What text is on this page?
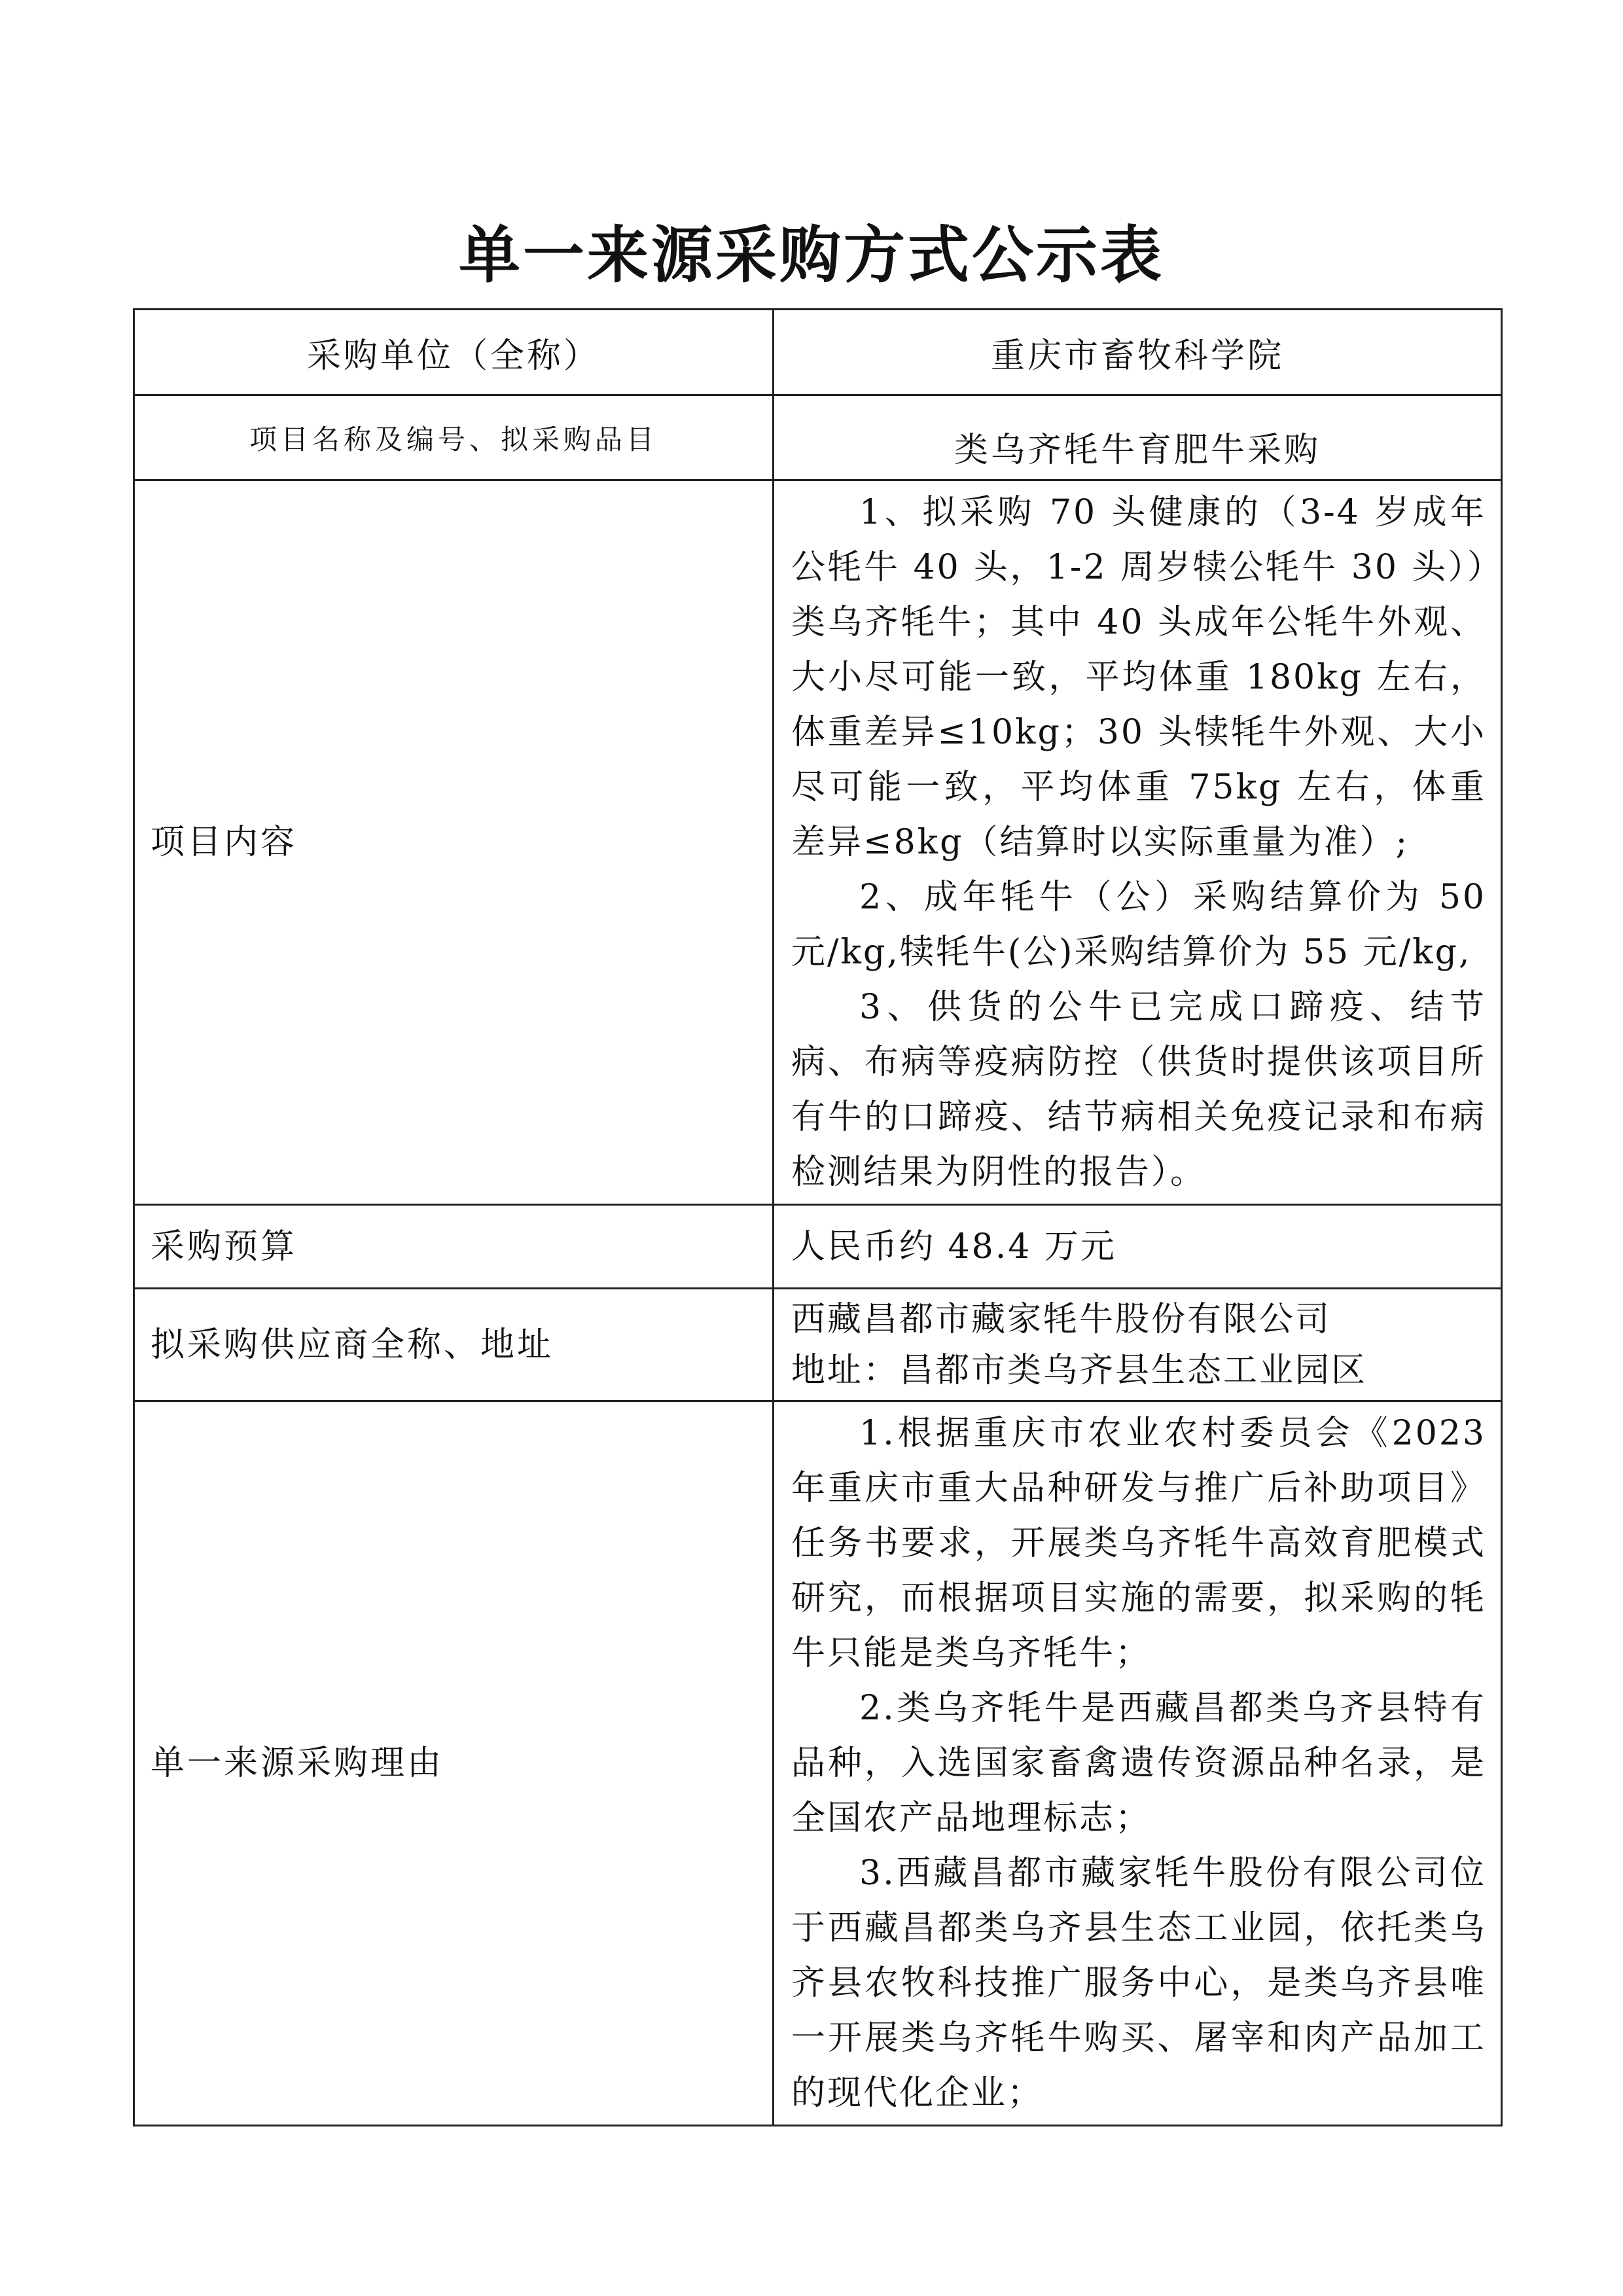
单一来源采购方式公示表
采购单位（全称）	重庆市畜牧科学院
项目名称及编号、拟采购品目	类乌齐牦牛育肥牛采购
项目内容	1、拟采购 70 头健康的（3-4 岁成年公牦牛 40 头，1-2 周岁犊公牦牛 30 头））类乌齐牦牛；其中 40 头成年公牦牛外观、大小尽可能一致，平均体重 180kg 左右，体重差异≤10kg；30 头犊牦牛外观、大小尽可能一致，平均体重 75kg 左右，体重差异≤8kg（结算时以实际重量为准）;

2、成年牦牛（公）采购结算价为 50 元/kg,犊牦牛(公)采购结算价为 55 元/kg,

3、供货的公牛已完成口蹄疫、结节病、布病等疫病防控（供货时提供该项目所有牛的口蹄疫、结节病相关免疫记录和布病检测结果为阴性的报告）。

采购预算	人民币约 48.4 万元
拟采购供应商全称、地址	西藏昌都市藏家牦牛股份有限公司

地址：昌都市类乌齐县生态工业园区

单一来源采购理由	1.根据重庆市农业农村委员会《2023 年重庆市重大品种研发与推广后补助项目》任务书要求，开展类乌齐牦牛高效育肥模式研究，而根据项目实施的需要，拟采购的牦牛只能是类乌齐牦牛；

2.类乌齐牦牛是西藏昌都类乌齐县特有品种，入选国家畜禽遗传资源品种名录，是全国农产品地理标志；

3.西藏昌都市藏家牦牛股份有限公司位于西藏昌都类乌齐县生态工业园，依托类乌齐县农牧科技推广服务中心，是类乌齐县唯一开展类乌齐牦牛购买、屠宰和肉产品加工的现代化企业；
